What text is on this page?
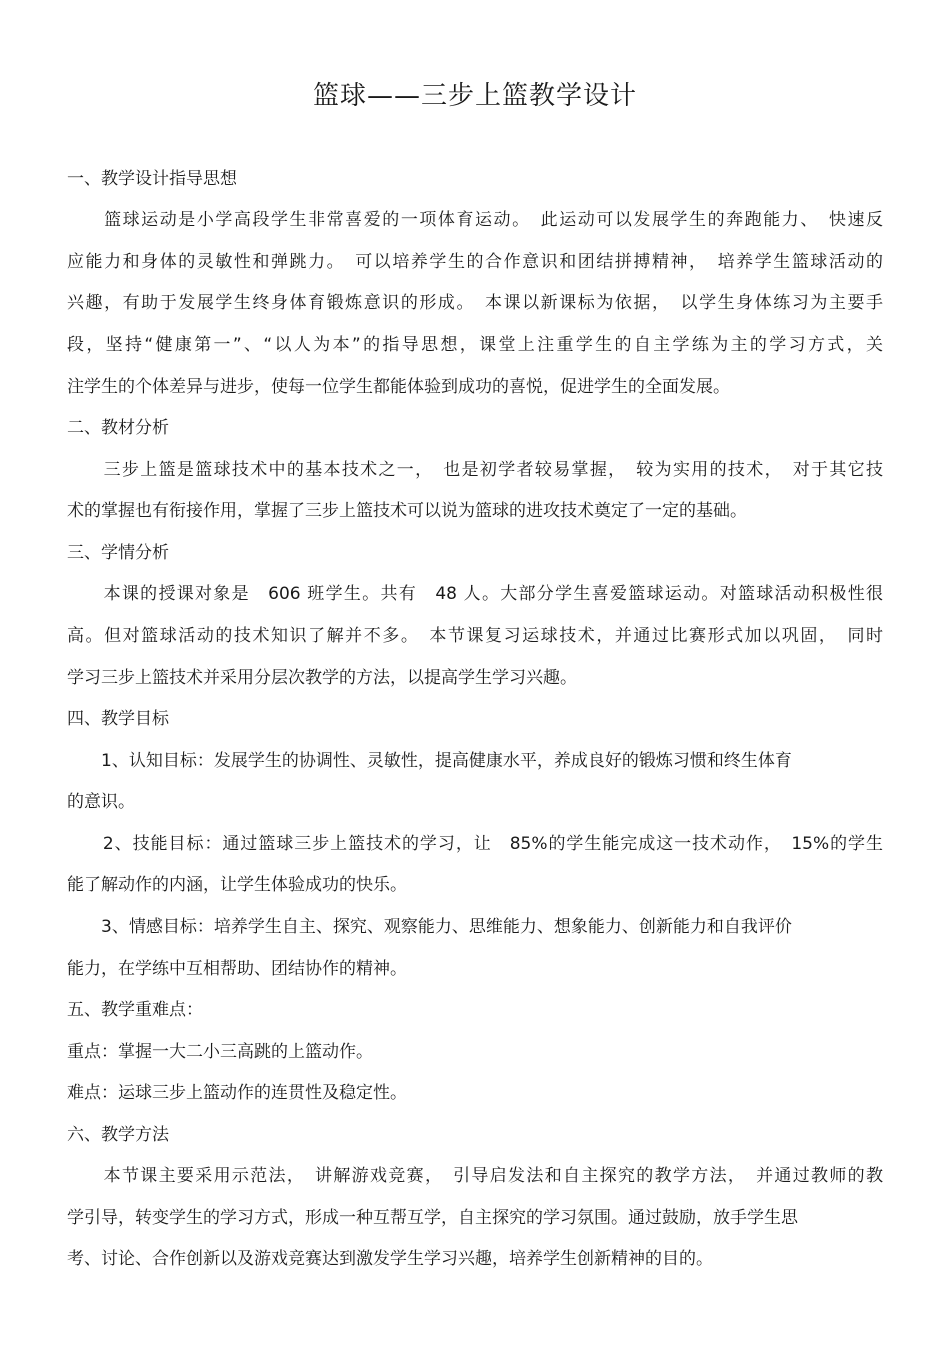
篮球——三步上篮教学设计
一、教学设计指导思想
　　篮球运动是小学高段学生非常喜爱的一项体育运动。　此运动可以发展学生的奔跑能力、　快速反
应能力和身体的灵敏性和弹跳力。　可以培养学生的合作意识和团结拼搏精神，　培养学生篮球活动的
兴趣，有助于发展学生终身体育锻炼意识的形成。　本课以新课标为依据，　以学生身体练习为主要手
段，坚持“健康第一”、“以人为本”的指导思想，课堂上注重学生的自主学练为主的学习方式，关
注学生的个体差异与进步，使每一位学生都能体验到成功的喜悦，促进学生的全面发展。
二、教材分析
　　三步上篮是篮球技术中的基本技术之一，　也是初学者较易掌握，　较为实用的技术，　对于其它技
术的掌握也有衔接作用，掌握了三步上篮技术可以说为篮球的进攻技术奠定了一定的基础。
三、学情分析
　　本课的授课对象是　606 班学生。共有　48 人。大部分学生喜爱篮球运动。对篮球活动积极性很
高。但对篮球活动的技术知识了解并不多。　本节课复习运球技术，并通过比赛形式加以巩固，　同时
学习三步上篮技术并采用分层次教学的方法，以提高学生学习兴趣。
四、教学目标
　　1、认知目标：发展学生的协调性、灵敏性，提高健康水平，养成良好的锻炼习惯和终生体育
的意识。
　　2、技能目标：通过篮球三步上篮技术的学习，让　85%的学生能完成这一技术动作，　15%的学生
能了解动作的内涵，让学生体验成功的快乐。
　　3、情感目标：培养学生自主、探究、观察能力、思维能力、想象能力、创新能力和自我评价
能力，在学练中互相帮助、团结协作的精神。
五、教学重难点：
重点：掌握一大二小三高跳的上篮动作。
难点：运球三步上篮动作的连贯性及稳定性。
六、教学方法
　　本节课主要采用示范法，　讲解游戏竞赛，　引导启发法和自主探究的教学方法，　并通过教师的教
学引导，转变学生的学习方式，形成一种互帮互学，自主探究的学习氛围。通过鼓励，放手学生思
考、讨论、合作创新以及游戏竞赛达到激发学生学习兴趣，培养学生创新精神的目的。
